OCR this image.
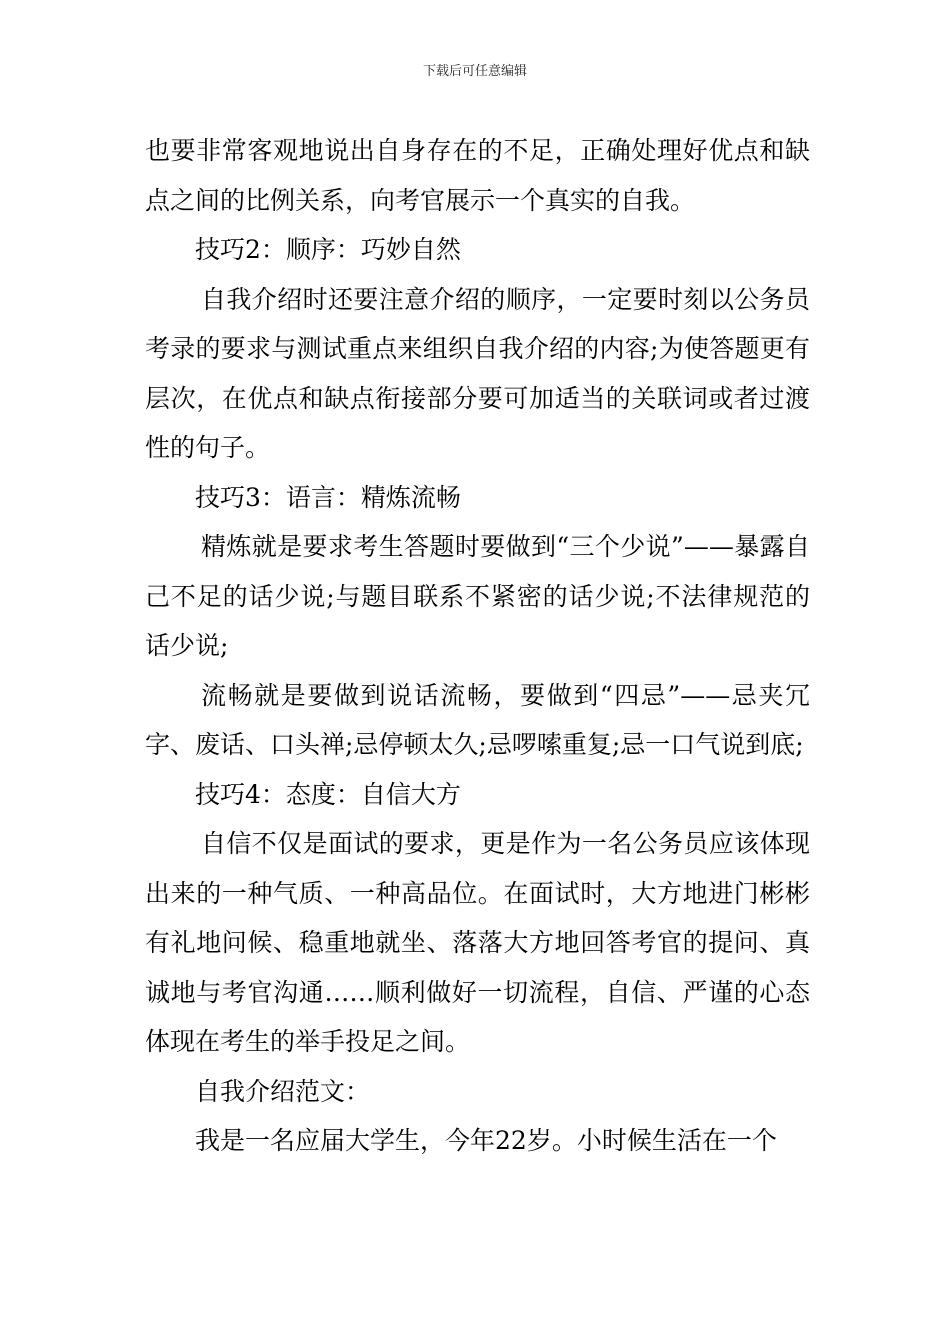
下载后可任意编辑

也要非常客观地说出自身存在的不足，正确处理好优点和缺点之间的比例关系，向考官展示一个真实的自我。

技巧2：顺序：巧妙自然

自我介绍时还要注意介绍的顺序，一定要时刻以公务员考录的要求与测试重点来组织自我介绍的内容;为使答题更有层次，在优点和缺点衔接部分要可加适当的关联词或者过渡性的句子。

技巧3：语言：精炼流畅

精炼就是要求考生答题时要做到“三个少说”——暴露自己不足的话少说;与题目联系不紧密的话少说;不法律规范的话少说;

流畅就是要做到说话流畅，要做到“四忌”——忌夹冗字、废话、口头禅;忌停顿太久;忌啰嗦重复;忌一口气说到底;

技巧4：态度：自信大方

自信不仅是面试的要求，更是作为一名公务员应该体现出来的一种气质、一种高品位。在面试时，大方地进门彬彬有礼地问候、稳重地就坐、落落大方地回答考官的提问、真诚地与考官沟通……顺利做好一切流程，自信、严谨的心态体现在考生的举手投足之间。

自我介绍范文：

我是一名应届大学生，今年22岁。小时候生活在一个
